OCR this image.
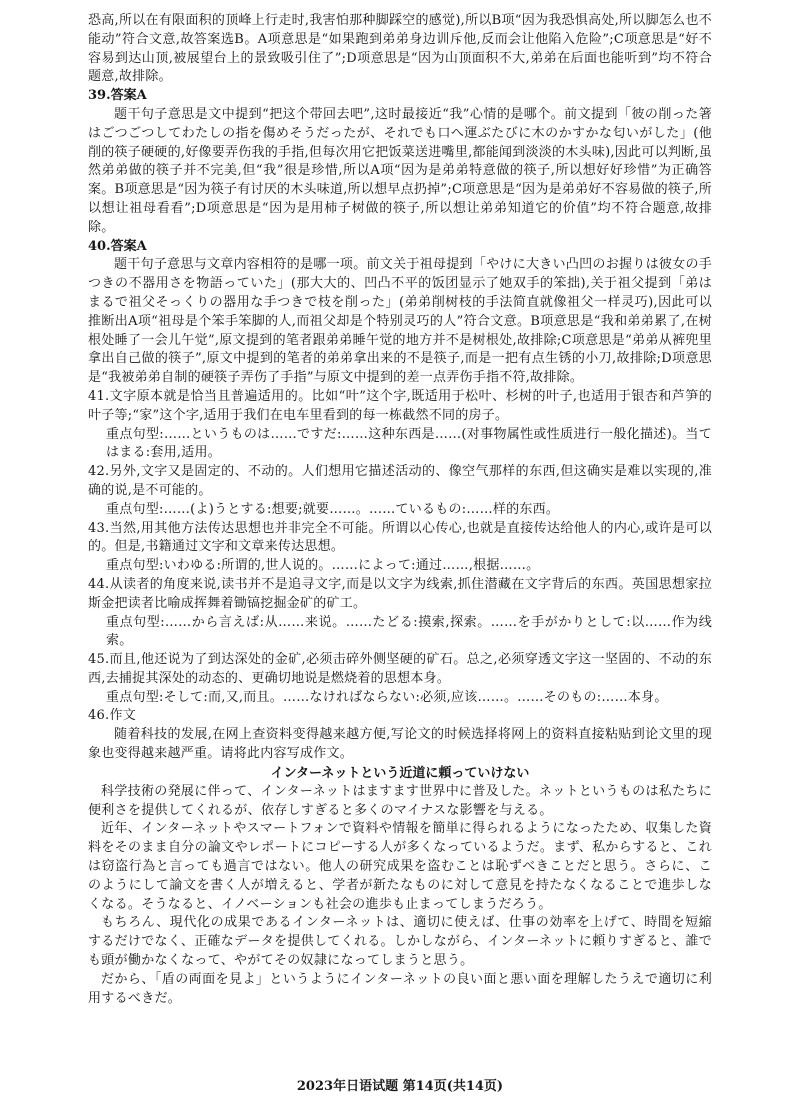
恐高,所以在有限面积的顶峰上行走时,我害怕那种脚踩空的感觉),所以B项“因为我恐惧高处,所以脚怎么也不能动”符合文意,故答案选B。A项意思是“如果跑到弟弟身边训斥他,反而会让他陷入危险”;C项意思是“好不容易到达山顶,被展望台上的景致吸引住了”;D项意思是“因为山顶面积不大,弟弟在后面也能听到”均不符合题意,故排除。

39.答案A

题干句子意思是文中提到“把这个带回去吧”,这时最接近“我”心情的是哪个。前文提到「彼の削った箸はごつごつしてわたしの指を傷めそうだったが、それでも口へ運ぶたびに木のかすかな匂いがした」(他削的筷子硬硬的,好像要弄伤我的手指,但每次用它把饭菜送进嘴里,都能闻到淡淡的木头味),因此可以判断,虽然弟弟做的筷子并不完美,但“我”很是珍惜,所以A项“因为是弟弟特意做的筷子,所以想好好珍惜”为正确答案。B项意思是“因为筷子有讨厌的木头味道,所以想早点扔掉”;C项意思是“因为是弟弟好不容易做的筷子,所以想让祖母看看”;D项意思是“因为是用柿子树做的筷子,所以想让弟弟知道它的价值”均不符合题意,故排除。

40.答案A

题干句子意思与文章内容相符的是哪一项。前文关于祖母提到「やけに大きい凸凹のお握りは彼女の手つきの不器用さを物語っていた」(那大大的、凹凸不平的饭团显示了她双手的笨拙),关于祖父提到「弟はまるで祖父そっくりの器用な手つきで枝を削った」(弟弟削树枝的手法简直就像祖父一样灵巧),因此可以推断出A项“祖母是个笨手笨脚的人,而祖父却是个特别灵巧的人”符合文意。B项意思是“我和弟弟累了,在树根处睡了一会儿午觉”,原文提到的笔者跟弟弟睡午觉的地方并不是树根处,故排除;C项意思是“弟弟从裤兜里拿出自己做的筷子”,原文中提到的笔者的弟弟拿出来的不是筷子,而是一把有点生锈的小刀,故排除;D项意思是“我被弟弟自制的硬筷子弄伤了手指”与原文中提到的差一点弄伤手指不符,故排除。

41.文字原本就是恰当且普遍适用的。比如“叶”这个字,既适用于松叶、杉树的叶子,也适用于银杏和芦笋的叶子等;“家”这个字,适用于我们在电车里看到的每一栋截然不同的房子。

重点句型:……というものは……ですだ:……这种东西是……(对事物属性或性质进行一般化描述)。当てはまる:套用,适用。

42.另外,文字又是固定的、不动的。人们想用它描述活动的、像空气那样的东西,但这确实是难以实现的,准确的说,是不可能的。

重点句型:……(よ)うとする:想要;就要……。……ているもの:……样的东西。

43.当然,用其他方法传达思想也并非完全不可能。所谓以心传心,也就是直接传达给他人的内心,或许是可以的。但是,书籍通过文字和文章来传达思想。

重点句型:いわゆる:所谓的,世人说的。……によって:通过……,根据……。

44.从读者的角度来说,读书并不是追寻文字,而是以文字为线索,抓住潜藏在文字背后的东西。英国思想家拉斯金把读者比喻成挥舞着锄镐挖掘金矿的矿工。

重点句型:……から言えば:从……来说。……たどる:摸索,探索。……を手がかりとして:以……作为线索。

45.而且,他还说为了到达深处的金矿,必须击碎外侧坚硬的矿石。总之,必须穿透文字这一坚固的、不动的东西,去捕捉其深处的动态的、更确切地说是燃烧着的思想本身。

重点句型:そして:而,又,而且。……なければならない:必须,应该……。……そのもの:……本身。

46.作文

随着科技的发展,在网上查资料变得越来越方便,写论文的时候选择将网上的资料直接粘贴到论文里的现象也变得越来越严重。请将此内容写成作文。

インターネットという近道に頼っていけない

科学技術の発展に伴って、インターネットはますます世界中に普及した。ネットというものは私たちに便利さを提供してくれるが、依存しすぎると多くのマイナスな影響を与える。

近年、インターネットやスマートフォンで資料や情報を簡単に得られるようになったため、収集した資料をそのまま自分の論文やレポートにコピーする人が多くなっているようだ。まず、私からすると、これは窃盗行為と言っても過言ではない。他人の研究成果を盗むことは恥ずべきことだと思う。さらに、このようにして論文を書く人が増えると、学者が新たなものに対して意見を持たなくなることで進歩しなくなる。そうなると、イノベーションも社会の進歩も止まってしまうだろう。

もちろん、現代化の成果であるインターネットは、適切に使えば、仕事の効率を上げて、時間を短縮するだけでなく、正確なデータを提供してくれる。しかしながら、インターネットに頼りすぎると、誰でも頭が働かなくなって、やがてその奴隷になってしまうと思う。

だから、「盾の両面を見よ」というようにインターネットの良い面と悪い面を理解したうえで適切に利用するべきだ。

2023年日语试题 第14页(共14页)
